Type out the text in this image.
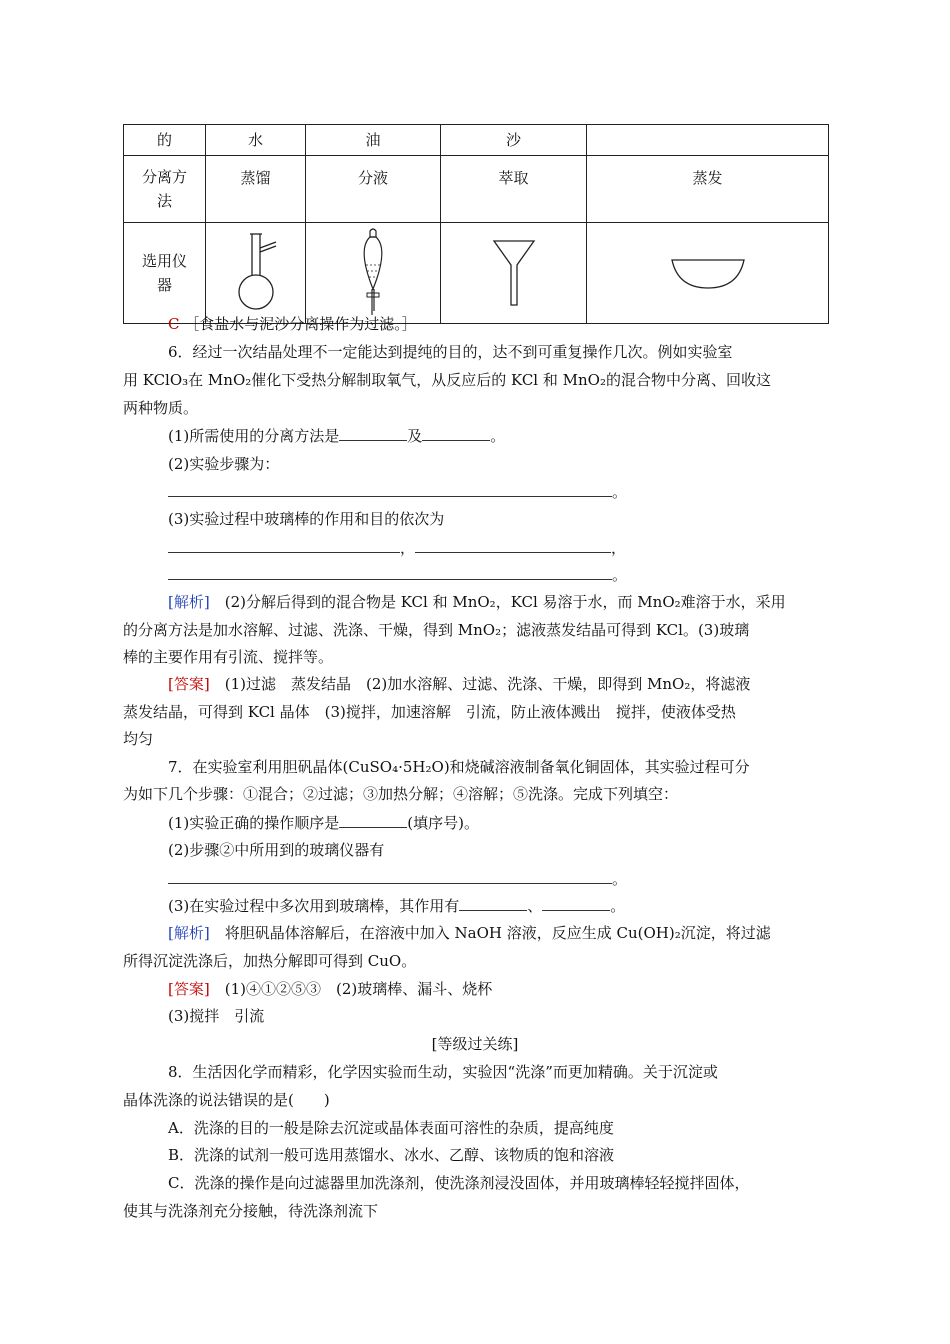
的	水	油	沙	

分离方
法	蒸馏	分液	萃取	蒸发

选用仪
器

C ［食盐水与泥沙分离操作为过滤。］
6．经过一次结晶处理不一定能达到提纯的目的，达不到可重复操作几次。例如实验室
用 KClO₃在 MnO₂催化下受热分解制取氧气，从反应后的 KCl 和 MnO₂的混合物中分离、回收这
两种物质。
(1)所需使用的分离方法是	及	。
(2)实验步骤为：
。
(3)实验过程中玻璃棒的作用和目的依次为
，	，
。
[解析]　 (2)分解后得到的混合物是 KCl 和 MnO₂，KCl 易溶于水，而 MnO₂难溶于水，采用
的分离方法是加水溶解、过滤、洗涤、干燥，得到 MnO₂；滤液蒸发结晶可得到 KCl。(3)玻璃
棒的主要作用有引流、搅拌等。
[答案]　 (1)过滤　蒸发结晶　(2)加水溶解、过滤、洗涤、干燥，即得到 MnO₂，将滤液
蒸发结晶，可得到 KCl 晶体　(3)搅拌，加速溶解　引流，防止液体溅出　搅拌，使液体受热
均匀
7．在实验室利用胆矾晶体(CuSO₄·5H₂O)和烧碱溶液制备氧化铜固体，其实验过程可分
为如下几个步骤：①混合；②过滤；③加热分解；④溶解；⑤洗涤。完成下列填空：
(1)实验正确的操作顺序是	(填序号)。
(2)步骤②中所用到的玻璃仪器有
。
(3)在实验过程中多次用到玻璃棒，其作用有	、	。
[解析]　 将胆矾晶体溶解后，在溶液中加入 NaOH 溶液，反应生成 Cu(OH)₂沉淀，将过滤
所得沉淀洗涤后，加热分解即可得到 CuO。
[答案]　 (1)④①②⑤③　(2)玻璃棒、漏斗、烧杯
(3)搅拌　引流
[等级过关练]
8．生活因化学而精彩，化学因实验而生动，实验因“洗涤”而更加精确。关于沉淀或
晶体洗涤的说法错误的是(　　)
A．洗涤的目的一般是除去沉淀或晶体表面可溶性的杂质，提高纯度
B．洗涤的试剂一般可选用蒸馏水、冰水、乙醇、该物质的饱和溶液
C．洗涤的操作是向过滤器里加洗涤剂，使洗涤剂浸没固体，并用玻璃棒轻轻搅拌固体，
使其与洗涤剂充分接触，待洗涤剂流下
